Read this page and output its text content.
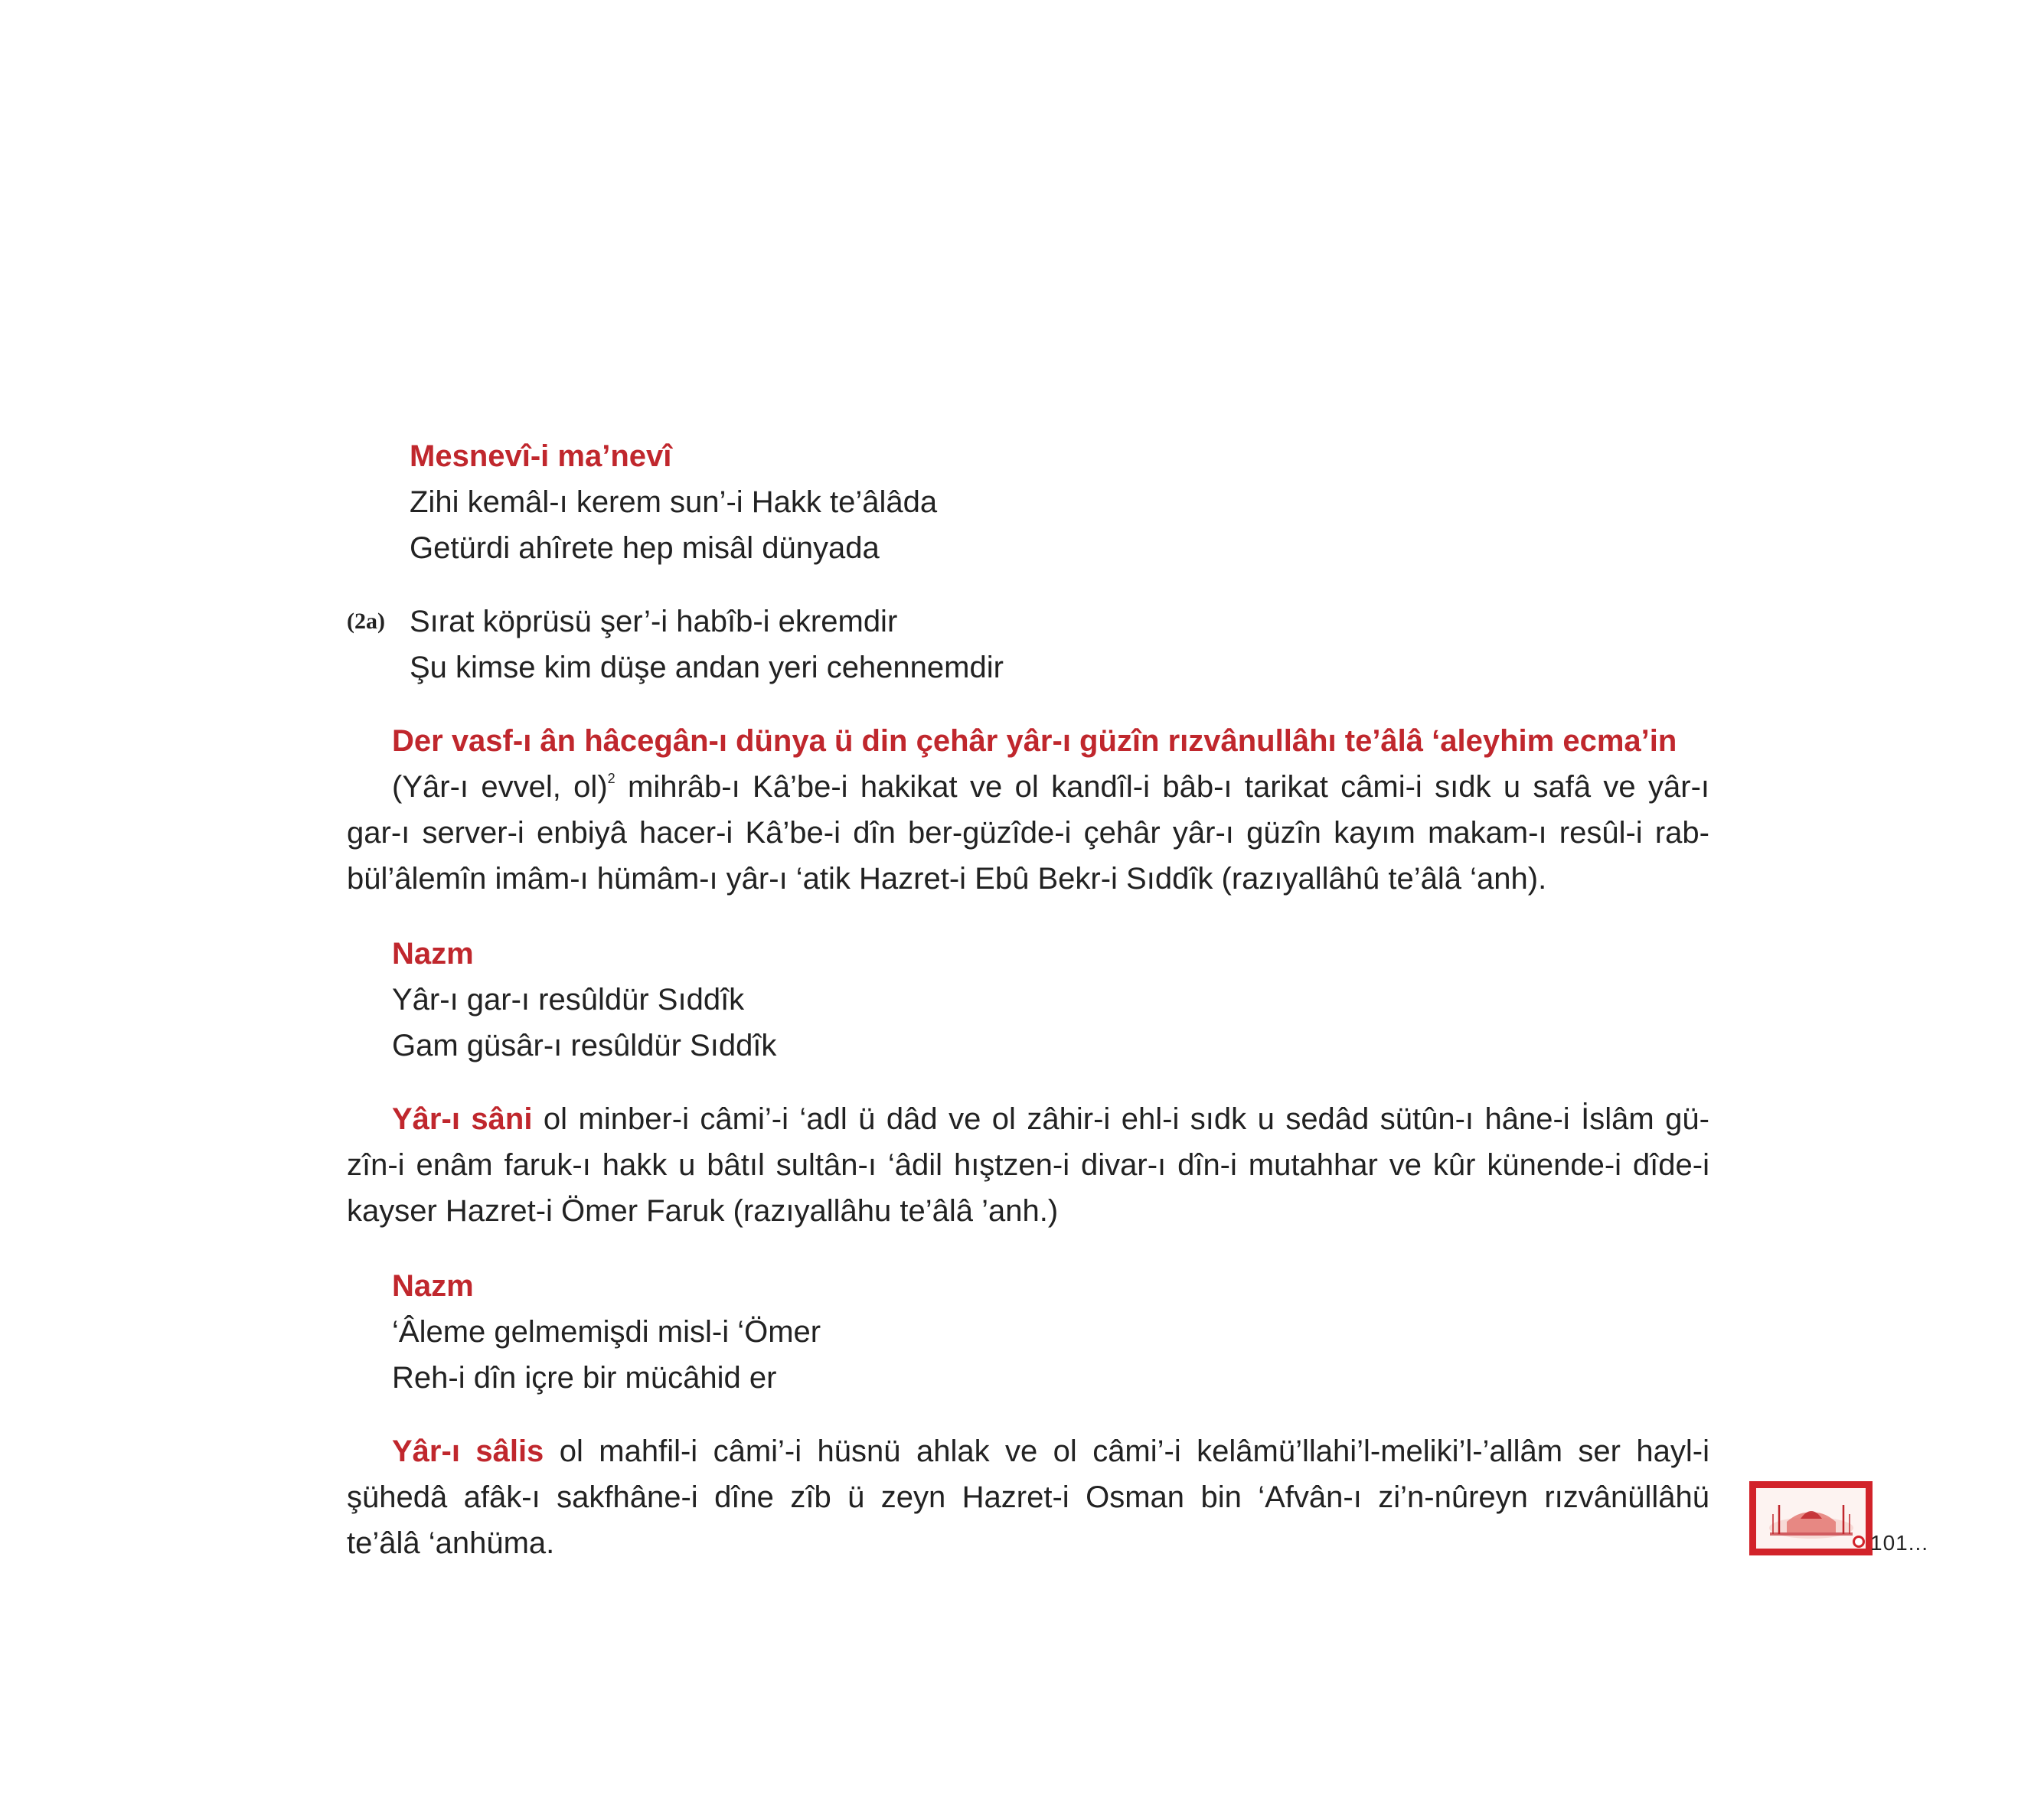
Mesnevî-i ma’nevî
Zihi kemâl-ı kerem sun’-i Hakk te’âlâda
Getürdi ahîrete hep misâl dünyada
(2a) Sırat köprüsü şer’-i habîb-i ekremdir
Şu kimse kim düşe andan yeri cehennemdir
Der vasf-ı ân hâcegân-ı dünya ü din çehâr yâr-ı güzîn rızvânullâhı te’âlâ ‘aleyhim ecma’in
(Yâr-ı evvel, ol)$^2$ mihrâb-ı Kâ’be-i hakikat ve ol kandîl-i bâb-ı tarikat câmi-i sıdk u safâ ve yâr-ı
gar-ı server-i enbiyâ hacer-i Kâ’be-i dîn ber-güzîde-i çehâr yâr-ı güzîn kayım makam-ı resûl-i rab-
bül’âlemîn imâm-ı hümâm-ı yâr-ı ‘atik Hazret-i Ebû Bekr-i Sıddîk (razıyallâhû te’âlâ ‘anh).
Nazm
Yâr-ı gar-ı resûldür Sıddîk
Gam güsâr-ı resûldür Sıddîk
Yâr-ı sâni ol minber-i câmi’-i ‘adl ü dâd ve ol zâhir-i ehl-i sıdk u sedâd sütûn-ı hâne-i İslâm gü-
zîn-i enâm faruk-ı hakk u bâtıl sultân-ı ‘âdil hıştzen-i divar-ı dîn-i mutahhar ve kûr künende-i dîde-i
kayser Hazret-i Ömer Faruk (razıyallâhu te’âlâ ’anh.)
Nazm
‘Âleme gelmemişdi misl-i ‘Ömer
Reh-i dîn içre bir mücâhid er
Yâr-ı sâlis ol mahfil-i câmi’-i hüsnü ahlak ve ol câmi’-i kelâmü’llahi’l-meliki’l-’allâm ser hayl-i
şühedâ afâk-ı sakfhâne-i dîne zîb ü zeyn Hazret-i Osman bin ‘Afvân-ı zi’n-nûreyn rızvânüllâhü
te’âlâ ‘anhüma.	101...
